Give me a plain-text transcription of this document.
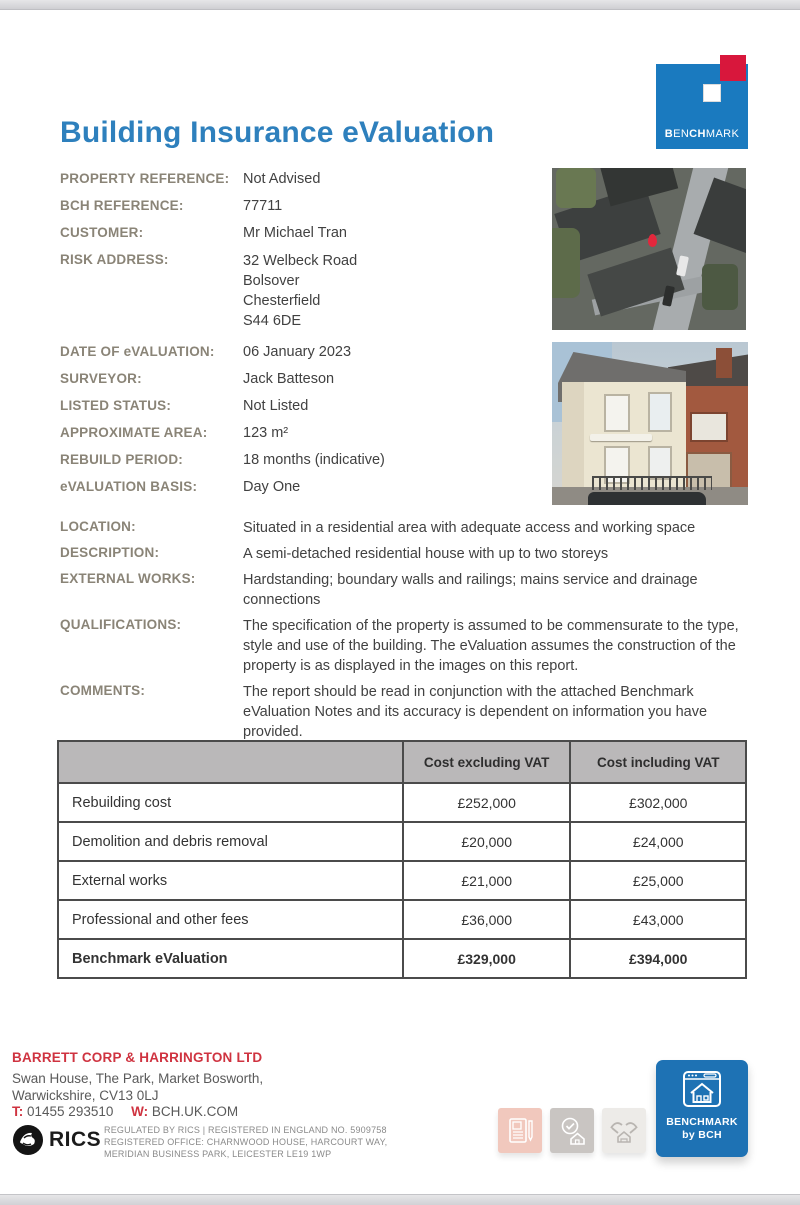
Building Insurance eValuation	BENCHMARK
PROPERTY REFERENCE: Not Advised
BCH REFERENCE:	77711
CUSTOMER:	Mr Michael Tran
RISK ADDRESS:	32 Welbeck Road
Bolsover
Chesterfield
S44 6DE
DATE OF eVALUATION:	06 January 2023
SURVEYOR:	Jack Batteson
LISTED STATUS:	Not Listed
APPROXIMATE AREA:	123 m²
REBUILD PERIOD:	18 months (indicative)
eVALUATION BASIS:	Day One
LOCATION:	Situated in a residential area with adequate access and working space
DESCRIPTION:	A semi-detached residential house with up to two storeys
EXTERNAL WORKS:	Hardstanding; boundary walls and railings; mains service and drainage connections
QUALIFICATIONS:	The specification of the property is assumed to be commensurate to the type, style and use of the building. The eValuation assumes the construction of the property is as displayed in the images on this report.
COMMENTS:	The report should be read in conjunction with the attached Benchmark eValuation Notes and its accuracy is dependent on information you have provided.
	Cost excluding VAT	Cost including VAT
Rebuilding cost	£252,000	£302,000
Demolition and debris removal	£20,000	£24,000
External works	£21,000	£25,000
Professional and other fees	£36,000	£43,000
Benchmark eValuation	£329,000	£394,000
BARRETT CORP & HARRINGTON LTD
Swan House, The Park, Market Bosworth,
Warwickshire, CV13 0LJ
T: 01455 293510 W: BCH.UK.COM
RICS REGULATED BY RICS | REGISTERED IN ENGLAND NO. 5909758
REGISTERED OFFICE: CHARNWOOD HOUSE, HARCOURT WAY,
MERIDIAN BUSINESS PARK, LEICESTER LE19 1WP
BENCHMARK
by BCH
